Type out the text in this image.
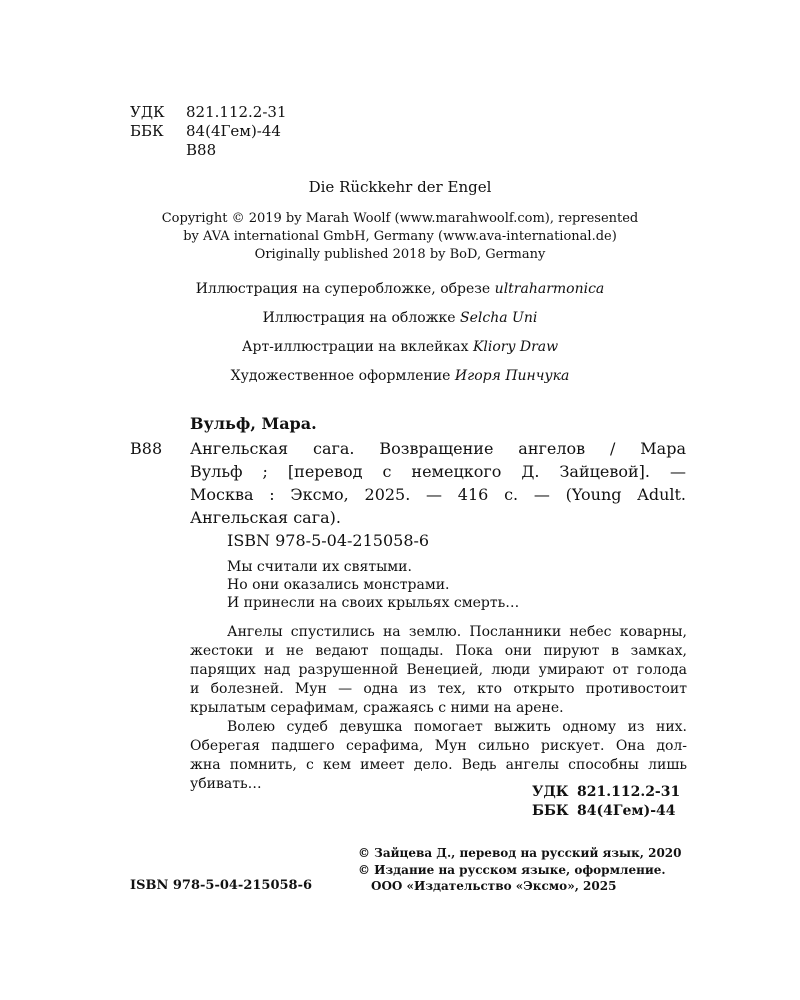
УДК 821.112.2-31
ББК 84(4Гем)-44
В88
Die Rückkehr der Engel
Copyright © 2019 by Marah Woolf (www.marahwoolf.com), represented
by AVA international GmbH, Germany (www.ava-international.de)
Originally published 2018 by BoD, Germany
Иллюстрация на суперобложке, обрезе ultraharmonica
Иллюстрация на обложке Selcha Uni
Арт-иллюстрации на вклейках Kliory Draw
Художественное оформление Игоря Пинчука
Вульф, Мара.
В88 Ангельская сага. Возвращение ангелов / Мара
Вульф ; [перевод с немецкого Д. Зайцевой]. —
Москва : Эксмо, 2025. — 416 с. — (Young Adult.
Ангельская сага).
ISBN 978-5-04-215058-6
Мы считали их святыми.
Но они оказались монстрами.
И принесли на своих крыльях смерть…
Ангелы спустились на землю. Посланники небес коварны,
жестоки и не ведают пощады. Пока они пируют в замках,
парящих над разрушенной Венецией, люди умирают от голода
и болезней. Мун — одна из тех, кто открыто противостоит
крылатым серафимам, сражаясь с ними на арене.
Волею судеб девушка помогает выжить одному из них.
Оберегая падшего серафима, Мун сильно рискует. Она дол-
жна помнить, с кем имеет дело. Ведь ангелы способны лишь
убивать…	УДК 821.112.2-31
ББК 84(4Гем)-44
© Зайцева Д., перевод на русский язык, 2020
© Издание на русском языке, оформление.
ISBN 978-5-04-215058-6	ООО «Издательство «Эксмо», 2025
